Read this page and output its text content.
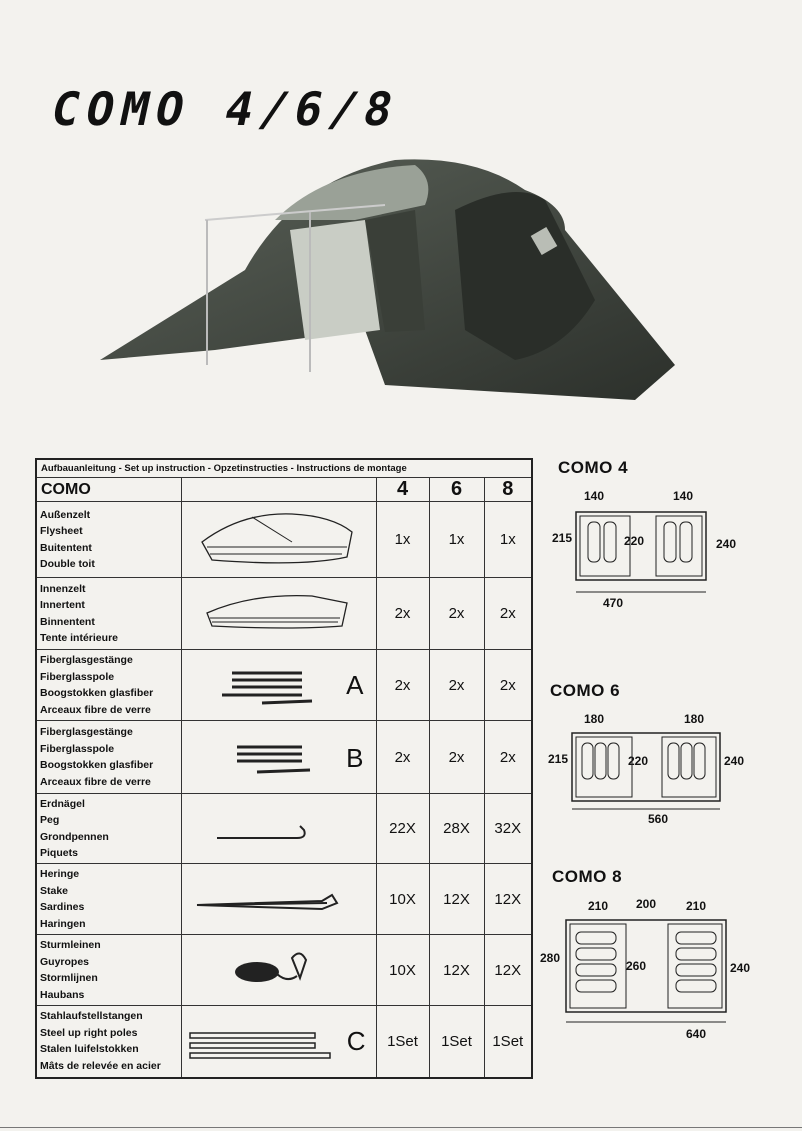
COMO 4/6/8
Aufbauanleitung - Set up instruction - Opzetinstructies - Instructions de montage				
COMO		4	6	8

Außenzelt
Flysheet
Buitentent
Double toit		1x	1x	1x

Innenzelt
Innertent
Binnentent
Tente intérieure		2x	2x	2x

Fiberglasgestänge
Fiberglasspole
Boogstokken glasfiber
Arceaux fibre de verre	A	2x	2x	2x

Fiberglasgestänge
Fiberglasspole
Boogstokken glasfiber
Arceaux fibre de verre	B	2x	2x	2x

Erdnägel
Peg
Grondpennen
Piquets		22X	28X	32X

Heringe
Stake
Sardines
Haringen		10X	12X	12X

Sturmleinen
Guyropes
Stormlijnen
Haubans		10X	12X	12X

Stahlaufstellstangen
Steel up right poles
Stalen luifelstokken
Mâts de relevée en acier	C	1Set	1Set	1Set
COMO 4
140	140
215	220	240
470
COMO 6
180	180
215	220	240
560
COMO 8
210 200 210
280
260	240
640
